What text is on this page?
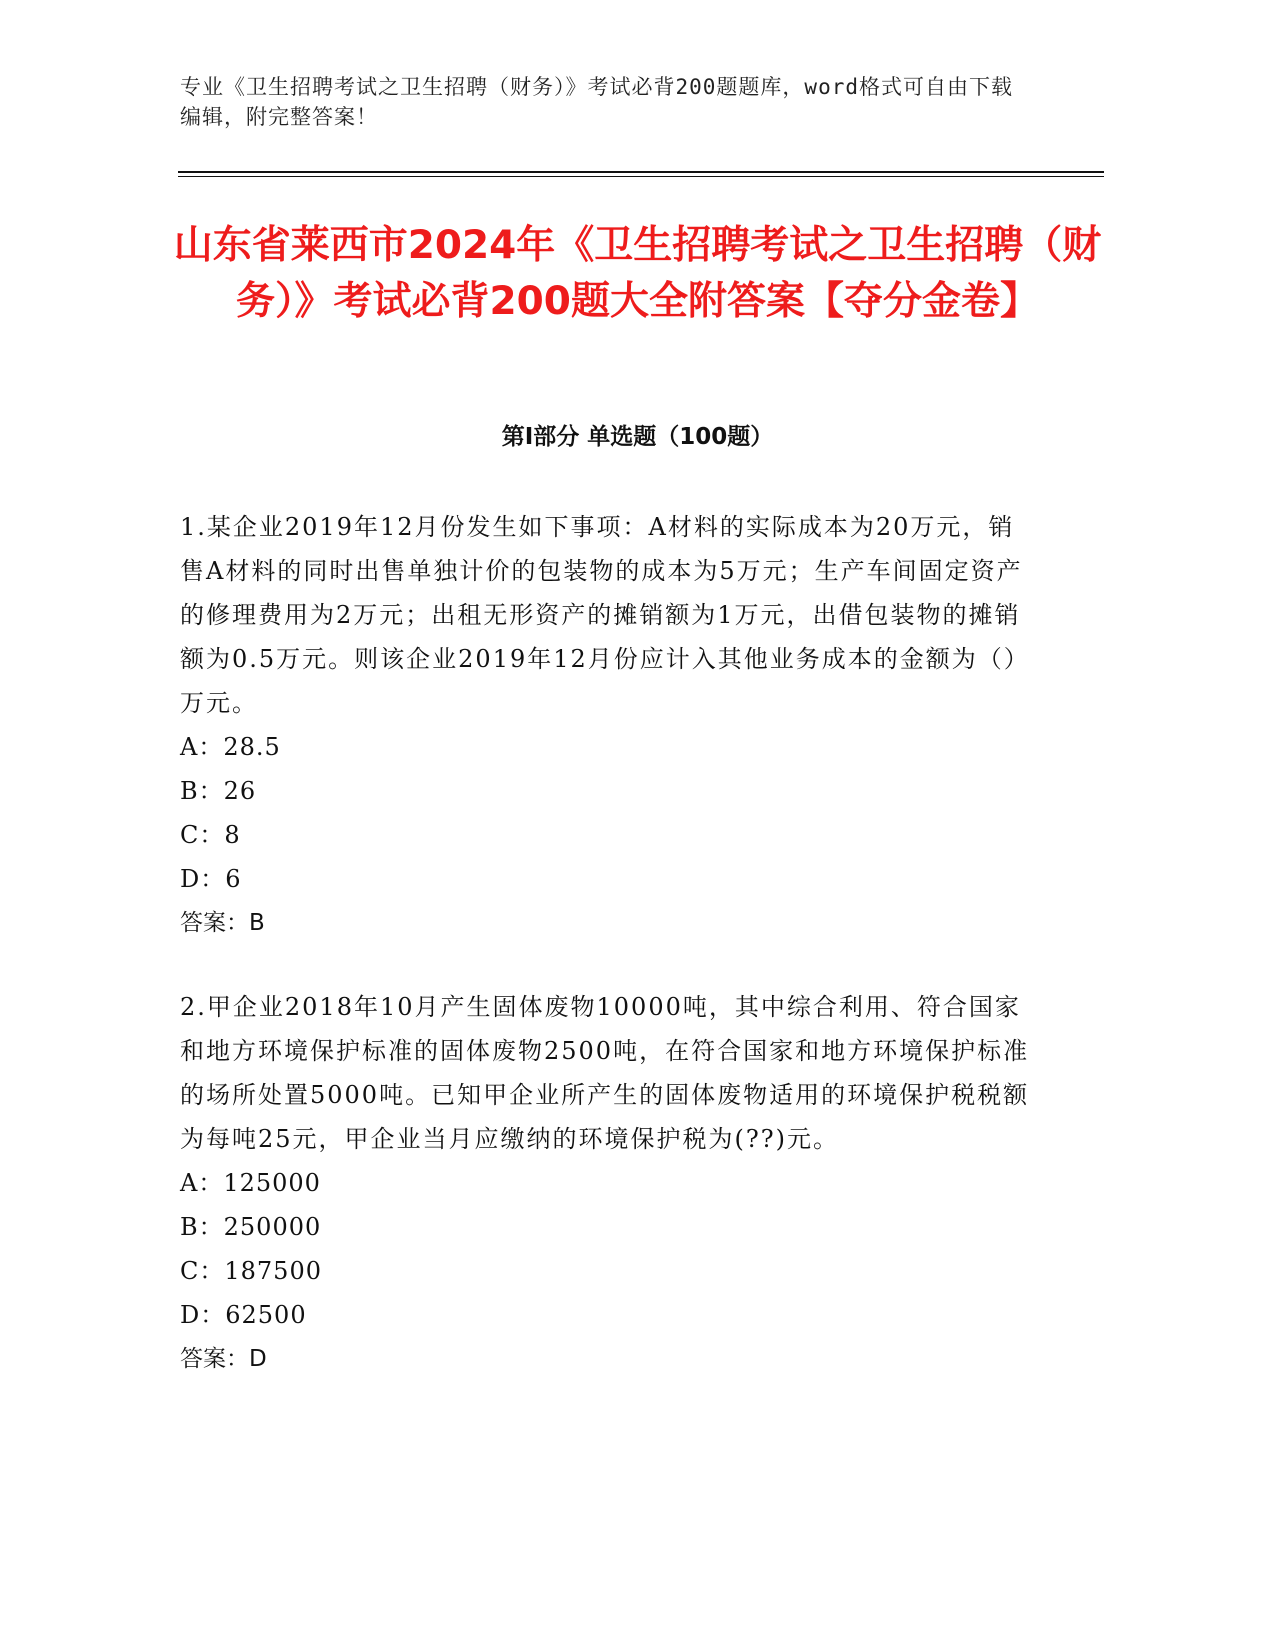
专业《卫生招聘考试之卫生招聘（财务）》考试必背200题题库，word格式可自由下载编辑，附完整答案！
山东省莱西市2024年《卫生招聘考试之卫生招聘（财务）》考试必背200题大全附答案【夺分金卷】
第Ⅰ部分 单选题（100题）

1.某企业2019年12月份发生如下事项：A材料的实际成本为20万元，销售A材料的同时出售单独计价的包装物的成本为5万元；生产车间固定资产的修理费用为2万元；出租无形资产的摊销额为1万元，出借包装物的摊销额为0.5万元。则该企业2019年12月份应计入其他业务成本的金额为（）万元。

A：28.5
B：26
C：8
D：6

答案：B

2.甲企业2018年10月产生固体废物10000吨，其中综合利用、符合国家和地方环境保护标准的固体废物2500吨，在符合国家和地方环境保护标准的场所处置5000吨。已知甲企业所产生的固体废物适用的环境保护税税额为每吨25元，甲企业当月应缴纳的环境保护税为(??)元。

A：125000
B：250000
C：187500
D：62500

答案：D
